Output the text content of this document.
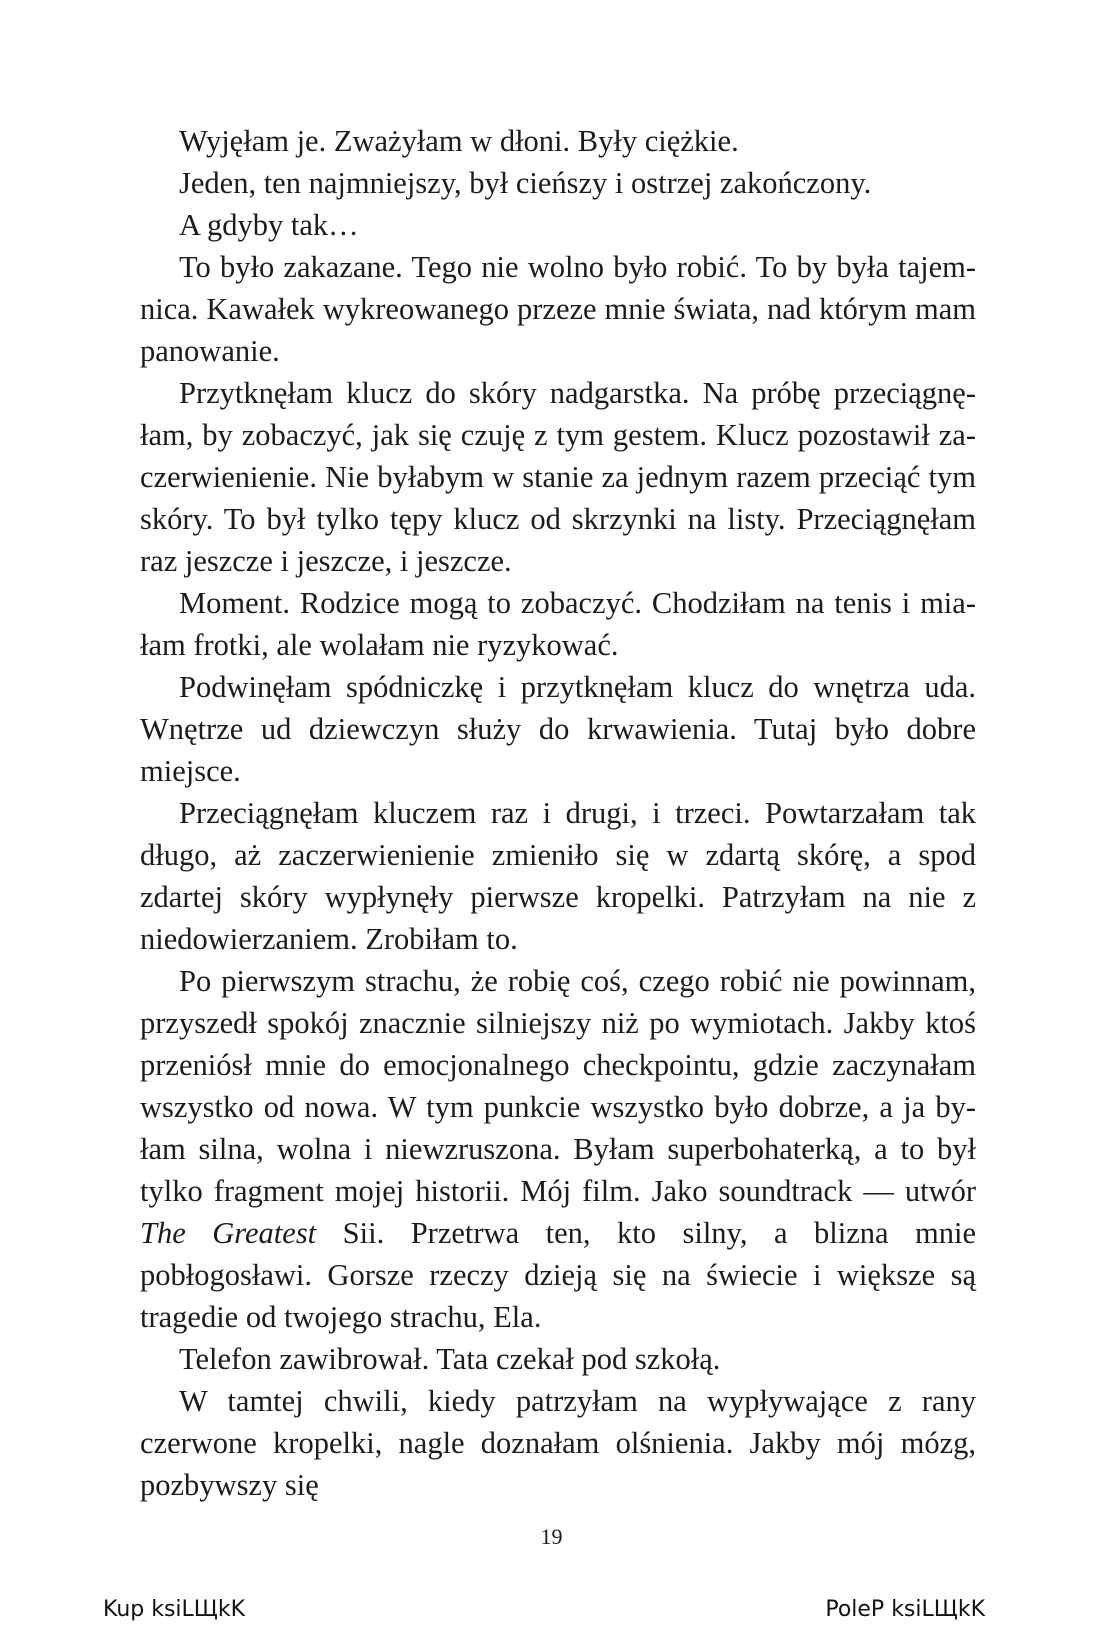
Wyjęłam je. Zważyłam w dłoni. Były ciężkie.

Jeden, ten najmniejszy, był cieńszy i ostrzej zakończony.

A gdyby tak…

To było zakazane. Tego nie wolno było robić. To by była tajemnica. Kawałek wykreowanego przeze mnie świata, nad którym mam panowanie.

Przytknęłam klucz do skóry nadgarstka. Na próbę przeciągnęłam, by zobaczyć, jak się czuję z tym gestem. Klucz pozostawił zaczerwienienie. Nie byłabym w stanie za jednym razem przeciąć tym skóry. To był tylko tępy klucz od skrzynki na listy. Przeciągnęłam raz jeszcze i jeszcze, i jeszcze.

Moment. Rodzice mogą to zobaczyć. Chodziłam na tenis i miałam frotki, ale wolałam nie ryzykować.

Podwinęłam spódniczkę i przytknęłam klucz do wnętrza uda. Wnętrze ud dziewczyn służy do krwawienia. Tutaj było dobre miejsce.

Przeciągnęłam kluczem raz i drugi, i trzeci. Powtarzałam tak długo, aż zaczerwienienie zmieniło się w zdartą skórę, a spod zdartej skóry wypłynęły pierwsze kropelki. Patrzyłam na nie z niedowierzaniem. Zrobiłam to.

Po pierwszym strachu, że robię coś, czego robić nie powinnam, przyszedł spokój znacznie silniejszy niż po wymiotach. Jakby ktoś przeniósł mnie do emocjonalnego checkpointu, gdzie zaczynałam wszystko od nowa. W tym punkcie wszystko było dobrze, a ja byłam silna, wolna i niewzruszona. Byłam superbohaterką, a to był tylko fragment mojej historii. Mój film. Jako soundtrack — utwór The Greatest Sii. Przetrwa ten, kto silny, a blizna mnie pobłogosławi. Gorsze rzeczy dzieją się na świecie i większe są tragedie od twojego strachu, Ela.

Telefon zawibrował. Tata czekał pod szkołą.

W tamtej chwili, kiedy patrzyłam na wypływające z rany czerwone kropelki, nagle doznałam olśnienia. Jakby mój mózg, pozbywszy się

19
Kup ksiLЩkK	PoleP ksiLЩkK
